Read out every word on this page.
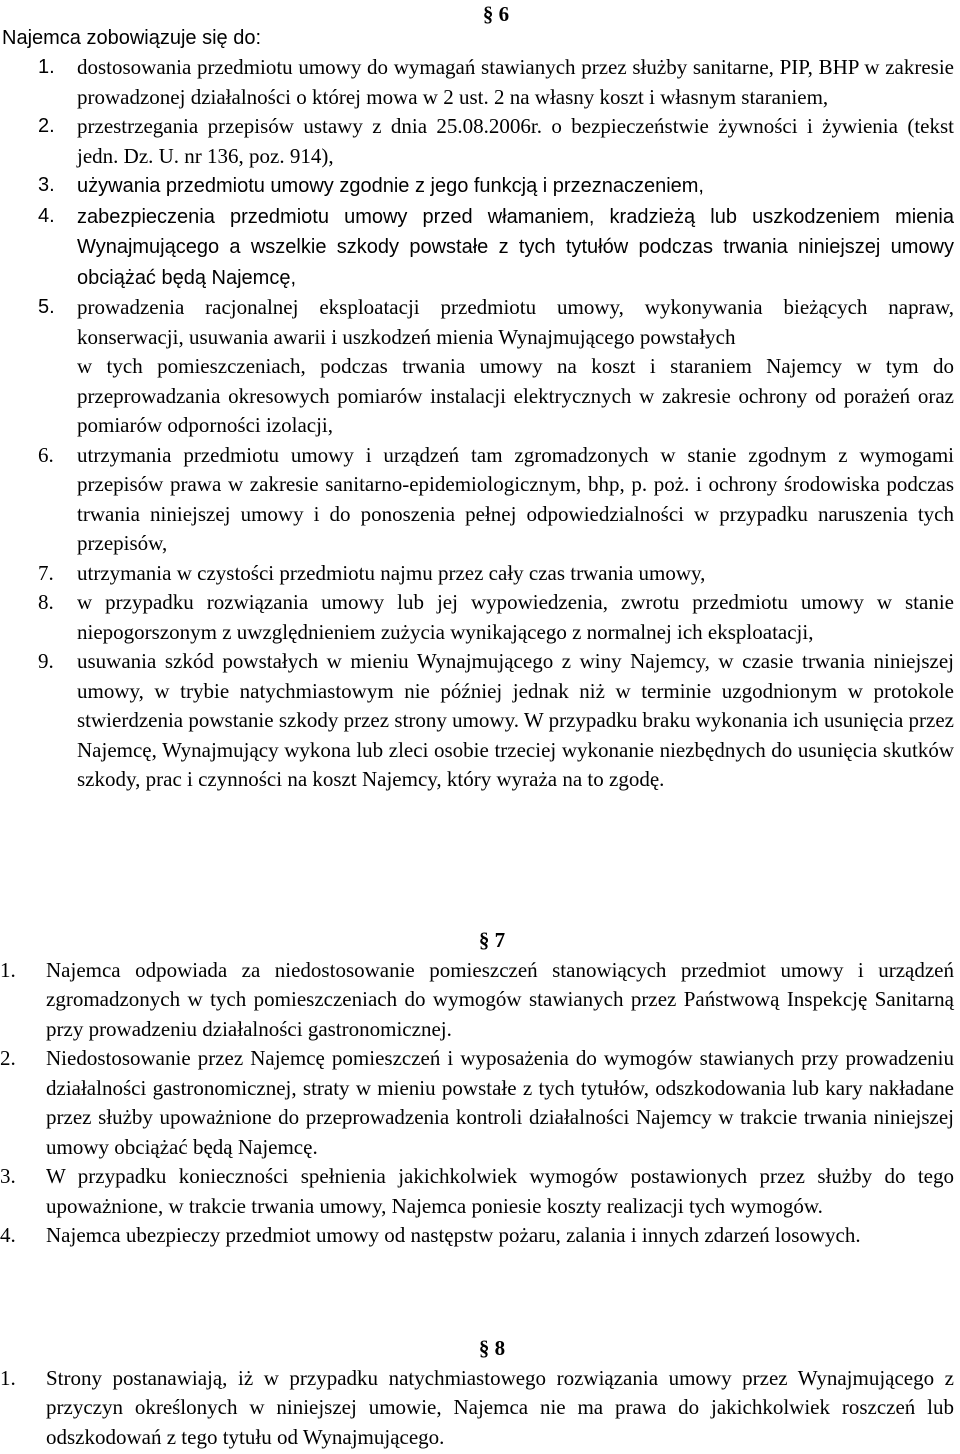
§ 6
Najemca zobowiązuje się do:
1. dostosowania przedmiotu umowy do wymagań stawianych przez służby sanitarne, PIP, BHP w zakresie prowadzonej działalności o której mowa w 2 ust. 2 na własny koszt i własnym staraniem,
2. przestrzegania przepisów ustawy z dnia 25.08.2006r. o bezpieczeństwie żywności i żywienia (tekst jedn. Dz. U. nr 136, poz. 914),
3. używania przedmiotu umowy zgodnie z jego funkcją i przeznaczeniem,
4. zabezpieczenia przedmiotu umowy przed włamaniem, kradzieżą lub uszkodzeniem mienia Wynajmującego a wszelkie szkody powstałe z tych tytułów podczas trwania niniejszej umowy obciążać będą Najemcę,
5. prowadzenia racjonalnej eksploatacji przedmiotu umowy, wykonywania bieżących napraw, konserwacji, usuwania awarii i uszkodzeń mienia Wynajmującego powstałych
w tych pomieszczeniach, podczas trwania umowy na koszt i staraniem Najemcy w tym do przeprowadzania okresowych pomiarów instalacji elektrycznych w zakresie ochrony od porażeń oraz pomiarów odporności izolacji,
6. utrzymania przedmiotu umowy i urządzeń tam zgromadzonych w stanie zgodnym z wymogami przepisów prawa w zakresie sanitarno-epidemiologicznym, bhp, p. poż. i ochrony środowiska podczas trwania niniejszej umowy i do ponoszenia pełnej odpowiedzialności w przypadku naruszenia tych przepisów,
7. utrzymania w czystości przedmiotu najmu przez cały czas trwania umowy,
8. w przypadku rozwiązania umowy lub jej wypowiedzenia, zwrotu przedmiotu umowy w stanie niepogorszonym z uwzględnieniem zużycia wynikającego z normalnej ich eksploatacji,
9. usuwania szkód powstałych w mieniu Wynajmującego z winy Najemcy, w czasie trwania niniejszej umowy, w trybie natychmiastowym nie później jednak niż w terminie uzgodnionym w protokole stwierdzenia powstanie szkody przez strony umowy. W przypadku braku wykonania ich usunięcia przez Najemcę, Wynajmujący wykona lub zleci osobie trzeciej wykonanie niezbędnych do usunięcia skutków szkody, prac i czynności na koszt Najemcy, który wyraża na to zgodę.
§ 7
1. Najemca odpowiada za niedostosowanie pomieszczeń stanowiących przedmiot umowy i urządzeń zgromadzonych w tych pomieszczeniach do wymogów stawianych przez Państwową Inspekcję Sanitarną przy prowadzeniu działalności gastronomicznej.
2. Niedostosowanie przez Najemcę pomieszczeń i wyposażenia do wymogów stawianych przy prowadzeniu działalności gastronomicznej, straty w mieniu powstałe z tych tytułów, odszkodowania lub kary nakładane przez służby upoważnione do przeprowadzenia kontroli działalności Najemcy w trakcie trwania niniejszej umowy obciążać będą Najemcę.
3. W przypadku konieczności spełnienia jakichkolwiek wymogów postawionych przez służby do tego upoważnione, w trakcie trwania umowy, Najemca poniesie koszty realizacji tych wymogów.
4. Najemca ubezpieczy przedmiot umowy od następstw pożaru, zalania i innych zdarzeń losowych.
§ 8
1. Strony postanawiają, iż w przypadku natychmiastowego rozwiązania umowy przez Wynajmującego z przyczyn określonych w niniejszej umowie, Najemca nie ma prawa do jakichkolwiek roszczeń lub odszkodowań z tego tytułu od Wynajmującego.
